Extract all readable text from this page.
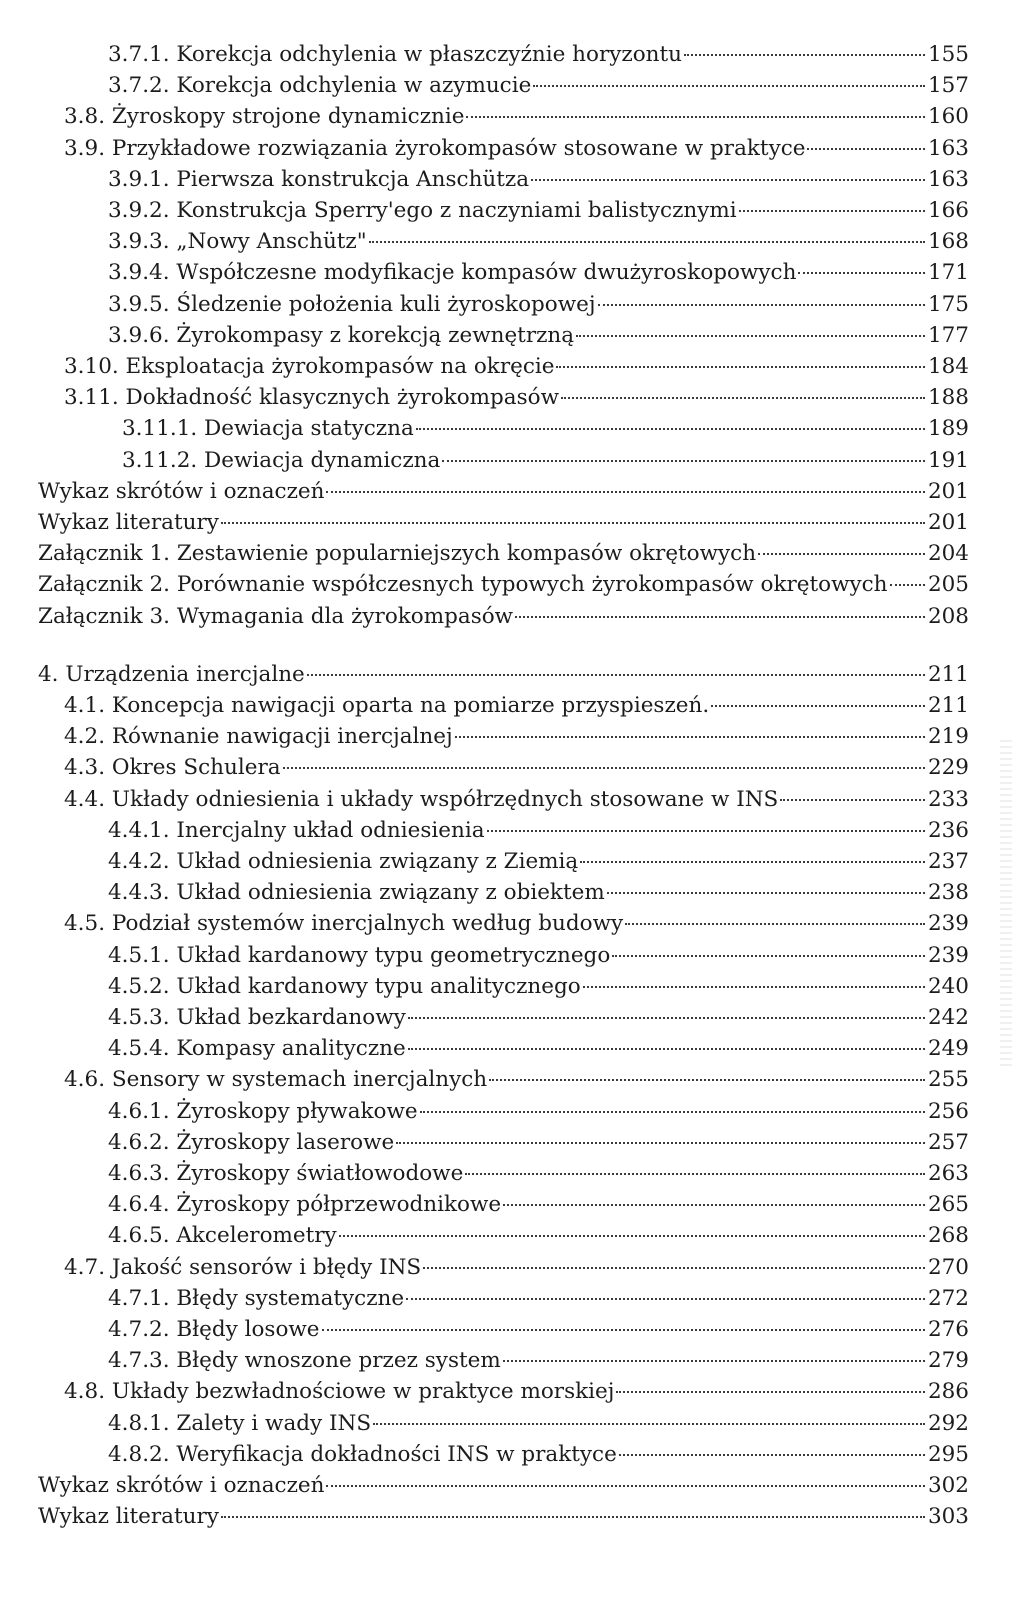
3.7.1. Korekcja odchylenia w płaszczyźnie horyzontu	155
3.7.2. Korekcja odchylenia w azymucie	157
3.8. Żyroskopy strojone dynamicznie	160
3.9. Przykładowe rozwiązania żyrokompasów stosowane w praktyce	163
3.9.1. Pierwsza konstrukcja Anschütza	163
3.9.2. Konstrukcja Sperry'ego z naczyniami balistycznymi	166
3.9.3. „Nowy Anschütz"	168
3.9.4. Współczesne modyfikacje kompasów dwużyroskopowych	171
3.9.5. Śledzenie położenia kuli żyroskopowej	175
3.9.6. Żyrokompasy z korekcją zewnętrzną	177
3.10. Eksploatacja żyrokompasów na okręcie	184
3.11. Dokładność klasycznych żyrokompasów	188
3.11.1. Dewiacja statyczna	189
3.11.2. Dewiacja dynamiczna	191
Wykaz skrótów i oznaczeń	201
Wykaz literatury	201
Załącznik 1. Zestawienie popularniejszych kompasów okrętowych	204
Załącznik 2. Porównanie współczesnych typowych żyrokompasów okrętowych 205
Załącznik 3. Wymagania dla żyrokompasów	208
4. Urządzenia inercjalne	211
4.1. Koncepcja nawigacji oparta na pomiarze przyspieszeń.	211
4.2. Równanie nawigacji inercjalnej	219
4.3. Okres Schulera	229
4.4. Układy odniesienia i układy współrzędnych stosowane w INS	233
4.4.1. Inercjalny układ odniesienia	236
4.4.2. Układ odniesienia związany z Ziemią	237
4.4.3. Układ odniesienia związany z obiektem	238
4.5. Podział systemów inercjalnych według budowy	239
4.5.1. Układ kardanowy typu geometrycznego	239
4.5.2. Układ kardanowy typu analitycznego	240
4.5.3. Układ bezkardanowy	242
4.5.4. Kompasy analityczne	249
4.6. Sensory w systemach inercjalnych	255
4.6.1. Żyroskopy pływakowe	256
4.6.2. Żyroskopy laserowe	257
4.6.3. Żyroskopy światłowodowe	263
4.6.4. Żyroskopy półprzewodnikowe	265
4.6.5. Akcelerometry	268
4.7. Jakość sensorów i błędy INS	270
4.7.1. Błędy systematyczne	272
4.7.2. Błędy losowe	276
4.7.3. Błędy wnoszone przez system	279
4.8. Układy bezwładnościowe w praktyce morskiej	286
4.8.1. Zalety i wady INS	292
4.8.2. Weryfikacja dokładności INS w praktyce	295
Wykaz skrótów i oznaczeń	302
Wykaz literatury	303
